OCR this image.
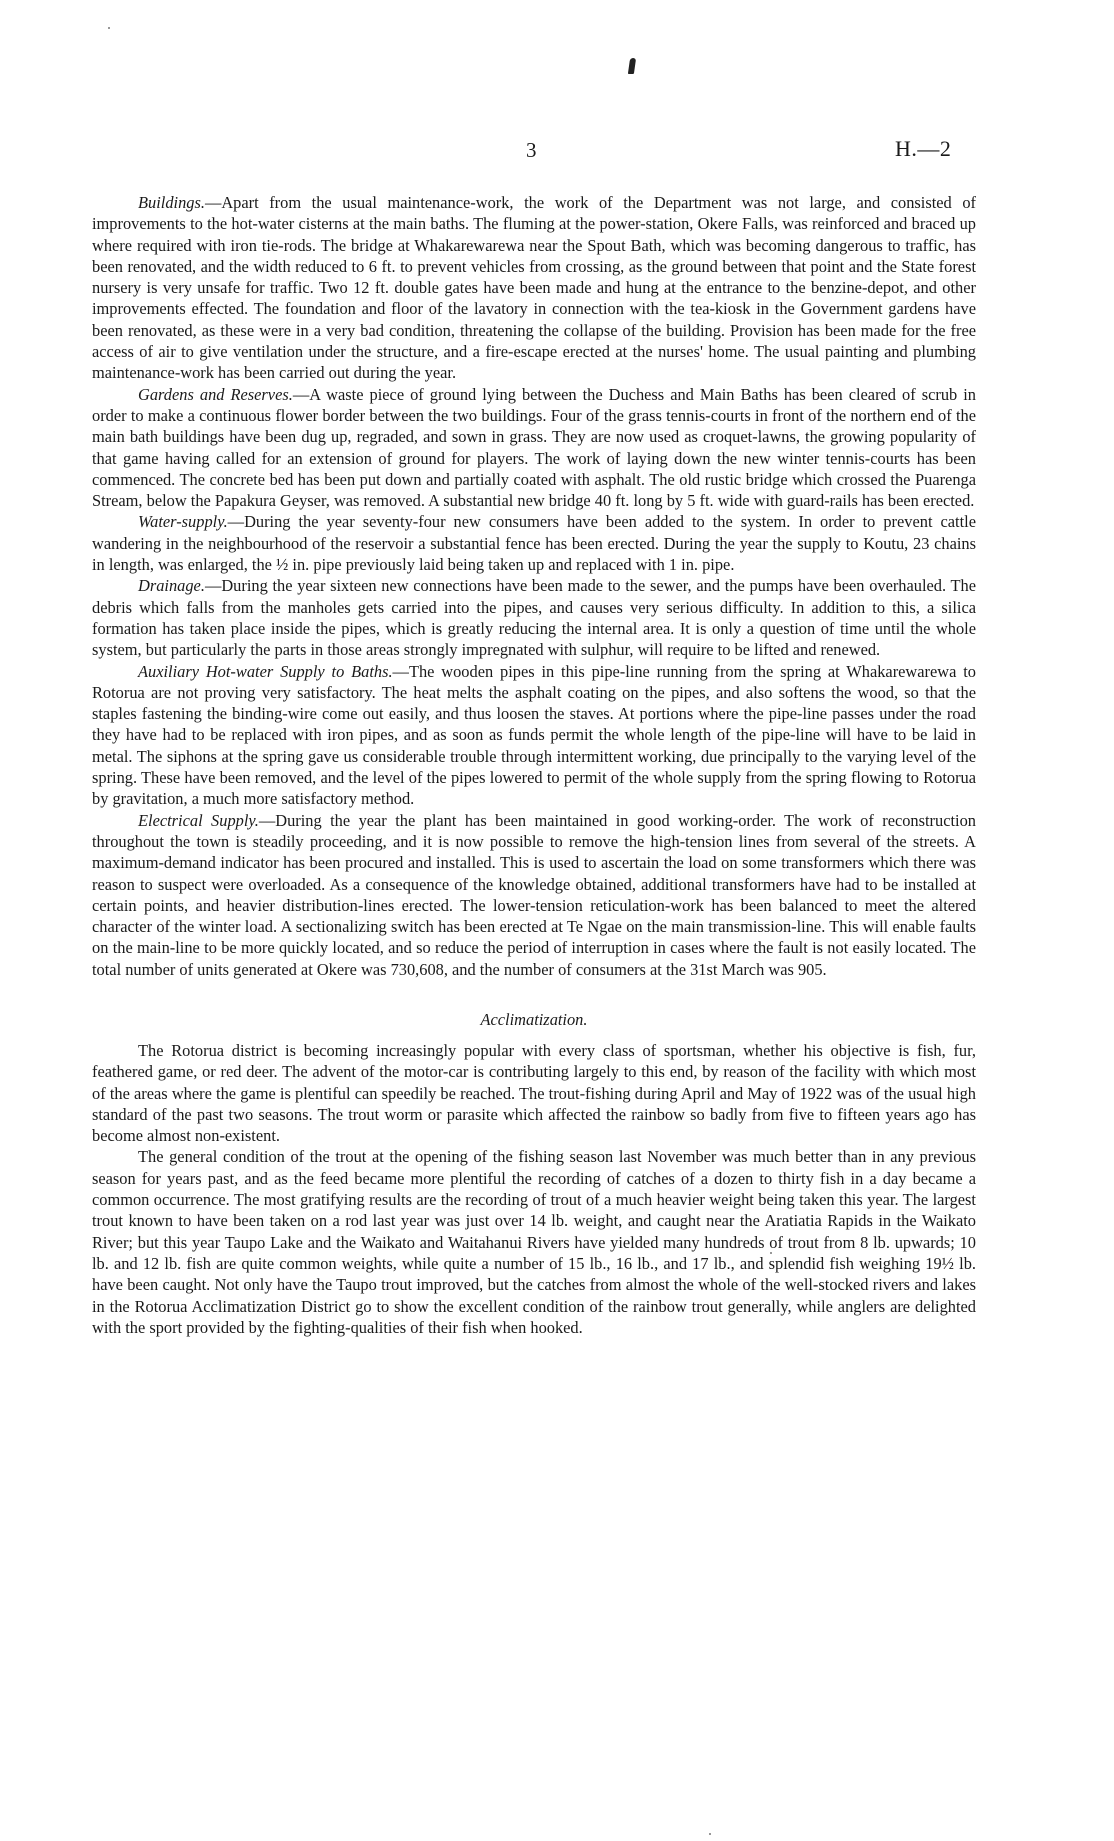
3	H.—2

Buildings.—Apart from the usual maintenance-work, the work of the Department was not large, and consisted of improvements to the hot-water cisterns at the main baths. The fluming at the power-station, Okere Falls, was reinforced and braced up where required with iron tie-rods. The bridge at Whakarewarewa near the Spout Bath, which was becoming dangerous to traffic, has been renovated, and the width reduced to 6 ft. to prevent vehicles from crossing, as the ground between that point and the State forest nursery is very unsafe for traffic. Two 12 ft. double gates have been made and hung at the entrance to the benzine-depot, and other improvements effected. The foundation and floor of the lavatory in connection with the tea-kiosk in the Government gardens have been renovated, as these were in a very bad condition, threatening the collapse of the building. Provision has been made for the free access of air to give ventilation under the structure, and a fire-escape erected at the nurses' home. The usual painting and plumbing maintenance-work has been carried out during the year.

Gardens and Reserves.—A waste piece of ground lying between the Duchess and Main Baths has been cleared of scrub in order to make a continuous flower border between the two buildings. Four of the grass tennis-courts in front of the northern end of the main bath buildings have been dug up, regraded, and sown in grass. They are now used as croquet-lawns, the growing popularity of that game having called for an extension of ground for players. The work of laying down the new winter tennis-courts has been commenced. The concrete bed has been put down and partially coated with asphalt. The old rustic bridge which crossed the Puarenga Stream, below the Papakura Geyser, was removed. A substantial new bridge 40 ft. long by 5 ft. wide with guard-rails has been erected.

Water-supply.—During the year seventy-four new consumers have been added to the system. In order to prevent cattle wandering in the neighbourhood of the reservoir a substantial fence has been erected. During the year the supply to Koutu, 23 chains in length, was enlarged, the ½ in. pipe previously laid being taken up and replaced with 1 in. pipe.

Drainage.—During the year sixteen new connections have been made to the sewer, and the pumps have been overhauled. The debris which falls from the manholes gets carried into the pipes, and causes very serious difficulty. In addition to this, a silica formation has taken place inside the pipes, which is greatly reducing the internal area. It is only a question of time until the whole system, but particularly the parts in those areas strongly impregnated with sulphur, will require to be lifted and renewed.

Auxiliary Hot-water Supply to Baths.—The wooden pipes in this pipe-line running from the spring at Whakarewarewa to Rotorua are not proving very satisfactory. The heat melts the asphalt coating on the pipes, and also softens the wood, so that the staples fastening the binding-wire come out easily, and thus loosen the staves. At portions where the pipe-line passes under the road they have had to be replaced with iron pipes, and as soon as funds permit the whole length of the pipe-line will have to be laid in metal. The siphons at the spring gave us considerable trouble through intermittent working, due principally to the varying level of the spring. These have been removed, and the level of the pipes lowered to permit of the whole supply from the spring flowing to Rotorua by gravitation, a much more satisfactory method.

Electrical Supply.—During the year the plant has been maintained in good working-order. The work of reconstruction throughout the town is steadily proceeding, and it is now possible to remove the high-tension lines from several of the streets. A maximum-demand indicator has been procured and installed. This is used to ascertain the load on some transformers which there was reason to suspect were overloaded. As a consequence of the knowledge obtained, additional transformers have had to be installed at certain points, and heavier distribution-lines erected. The lower-tension reticulation-work has been balanced to meet the altered character of the winter load. A sectionalizing switch has been erected at Te Ngae on the main transmission-line. This will enable faults on the main-line to be more quickly located, and so reduce the period of interruption in cases where the fault is not easily located. The total number of units generated at Okere was 730,608, and the number of consumers at the 31st March was 905.

Acclimatization.

The Rotorua district is becoming increasingly popular with every class of sportsman, whether his objective is fish, fur, feathered game, or red deer. The advent of the motor-car is contributing largely to this end, by reason of the facility with which most of the areas where the game is plentiful can speedily be reached. The trout-fishing during April and May of 1922 was of the usual high standard of the past two seasons. The trout worm or parasite which affected the rainbow so badly from five to fifteen years ago has become almost non-existent.

The general condition of the trout at the opening of the fishing season last November was much better than in any previous season for years past, and as the feed became more plentiful the recording of catches of a dozen to thirty fish in a day became a common occurrence. The most gratifying results are the recording of trout of a much heavier weight being taken this year. The largest trout known to have been taken on a rod last year was just over 14 lb. weight, and caught near the Aratiatia Rapids in the Waikato River; but this year Taupo Lake and the Waikato and Waitahanui Rivers have yielded many hundreds of trout from 8 lb. upwards; 10 lb. and 12 lb. fish are quite common weights, while quite a number of 15 lb., 16 lb., and 17 lb., and splendid fish weighing 19½ lb. have been caught. Not only have the Taupo trout improved, but the catches from almost the whole of the well-stocked rivers and lakes in the Rotorua Acclimatization District go to show the excellent condition of the rainbow trout generally, while anglers are delighted with the sport provided by the fighting-qualities of their fish when hooked.
